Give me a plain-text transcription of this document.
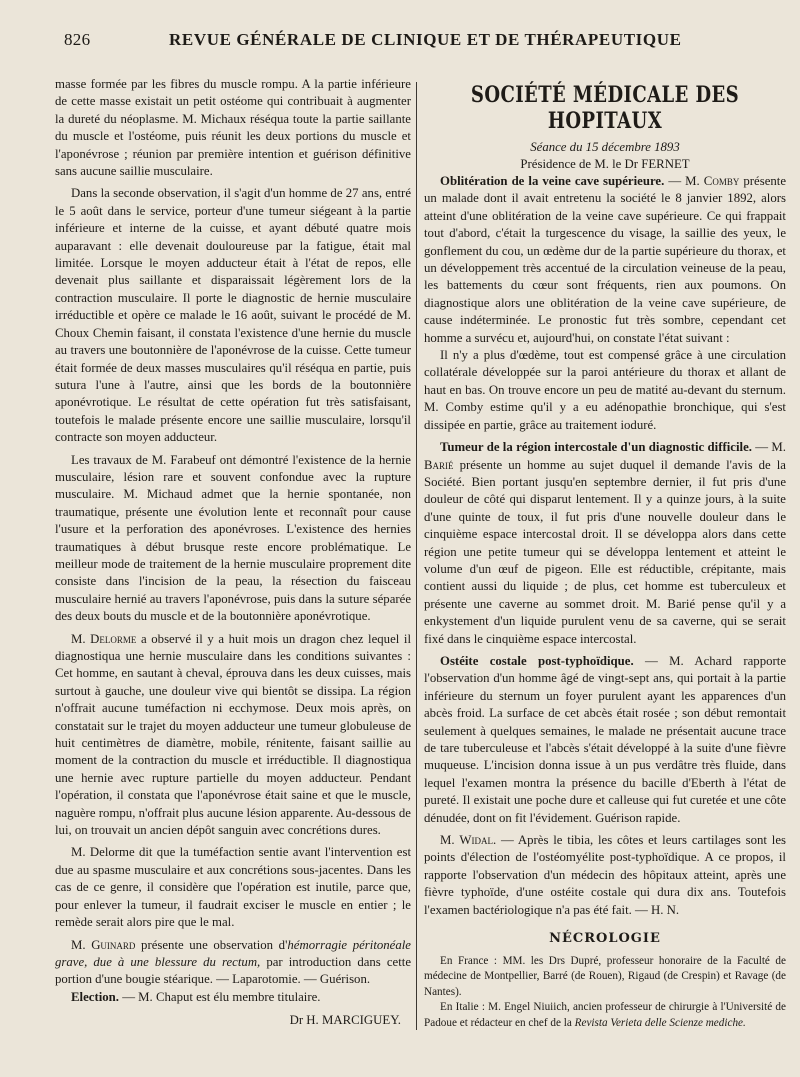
826	REVUE GÉNÉRALE DE CLINIQUE ET DE THÉRAPEUTIQUE

masse formée par les fibres du muscle rompu. A la partie inférieure de cette masse existait un petit ostéome qui contribuait à augmenter la dureté du néoplasme. M. Michaux réséqua toute la partie saillante du muscle et l'ostéome, puis réunit les deux portions du muscle et l'aponévrose ; réunion par première intention et guérison définitive sans aucune saillie musculaire.

Dans la seconde observation, il s'agit d'un homme de 27 ans, entré le 5 août dans le service, porteur d'une tumeur siégeant à la partie inférieure et interne de la cuisse, et ayant débuté quatre mois auparavant : elle devenait douloureuse par la fatigue, était mal limitée. Lorsque le moyen adducteur était à l'état de repos, elle devenait plus saillante et disparaissait légèrement lors de la contraction musculaire. Il porte le diagnostic de hernie musculaire irréductible et opère ce malade le 16 août, suivant le procédé de M. Choux Chemin faisant, il constata l'existence d'une hernie du muscle au travers une boutonnière de l'aponévrose de la cuisse. Cette tumeur était formée de deux masses musculaires qu'il réséqua en partie, puis sutura l'une à l'autre, ainsi que les bords de la boutonnière aponévrotique. Le résultat de cette opération fut très satisfaisant, toutefois le malade présente encore une saillie musculaire, lorsqu'il contracte son moyen adducteur.

Les travaux de M. Farabeuf ont démontré l'existence de la hernie musculaire, lésion rare et souvent confondue avec la rupture musculaire. M. Michaud admet que la hernie spontanée, non traumatique, présente une évolution lente et reconnaît pour cause l'usure et la perforation des aponévroses. L'existence des hernies traumatiques à début brusque reste encore problématique. Le meilleur mode de traitement de la hernie musculaire proprement dite consiste dans l'incision de la peau, la résection du faisceau musculaire hernié au travers l'aponévrose, puis dans la suture séparée des deux bouts du muscle et de la boutonnière aponévrotique.

M. Delorme a observé il y a huit mois un dragon chez lequel il diagnostiqua une hernie musculaire dans les conditions suivantes : Cet homme, en sautant à cheval, éprouva dans les deux cuisses, mais surtout à gauche, une douleur vive qui bientôt se dissipa. La région n'offrait aucune tuméfaction ni ecchymose. Deux mois après, on constatait sur le trajet du moyen adducteur une tumeur globuleuse de huit centimètres de diamètre, mobile, rénitente, faisant saillie au moment de la contraction du muscle et irréductible. Il diagnostiqua une hernie avec rupture partielle du moyen adducteur. Pendant l'opération, il constata que l'aponévrose était saine et que le muscle, naguère rompu, n'offrait plus aucune lésion apparente. Au-dessous de lui, on trouvait un ancien dépôt sanguin avec concrétions dures.

M. Delorme dit que la tuméfaction sentie avant l'intervention est due au spasme musculaire et aux concrétions sous-jacentes. Dans les cas de ce genre, il considère que l'opération est inutile, parce que, pour enlever la tumeur, il faudrait exciser le muscle en entier ; le remède serait alors pire que le mal.

M. Guinard présente une observation d'hémorragie péritonéale grave, due à une blessure du rectum, par introduction dans cette portion d'une bougie stéarique. — Laparotomie. — Guérison.

Election. — M. Chaput est élu membre titulaire.

Dr H. MARCIGUEY.
SOCIÉTÉ MÉDICALE DES HOPITAUX
Séance du 15 décembre 1893
Présidence de M. le Dr FERNET

Oblitération de la veine cave supérieure. — M. Comby présente un malade dont il avait entretenu la société le 8 janvier 1892, alors atteint d'une oblitération de la veine cave supérieure. Ce qui frappait tout d'abord, c'était la turgescence du visage, la saillie des yeux, le gonflement du cou, un œdème dur de la partie supérieure du thorax, et un développement très accentué de la circulation veineuse de la peau, les battements du cœur sont fréquents, rien aux poumons. On diagnostique alors une oblitération de la veine cave supérieure, de cause indéterminée. Le pronostic fut très sombre, cependant cet homme a survécu et, aujourd'hui, on constate l'état suivant :

Il n'y a plus d'œdème, tout est compensé grâce à une circulation collatérale développée sur la paroi antérieure du thorax et allant de haut en bas. On trouve encore un peu de matité au-devant du sternum. M. Comby estime qu'il y a eu adénopathie bronchique, qui s'est dissipée en partie, grâce au traitement ioduré.

Tumeur de la région intercostale d'un diagnostic difficile. — M. Barié présente un homme au sujet duquel il demande l'avis de la Société. Bien portant jusqu'en septembre dernier, il fut pris d'une douleur de côté qui disparut lentement. Il y a quinze jours, à la suite d'une quinte de toux, il fut pris d'une nouvelle douleur dans le cinquième espace intercostal droit. Il se développa alors dans cette région une petite tumeur qui se développa lentement et atteint le volume d'un œuf de pigeon. Elle est réductible, crépitante, mais contient aussi du liquide ; de plus, cet homme est tuberculeux et présente une caverne au sommet droit. M. Barié pense qu'il y a enkystement d'un liquide purulent venu de sa caverne, qui se serait fixé dans le cinquième espace intercostal.

Ostéite costale post-typhoïdique. — M. Achard rapporte l'observation d'un homme âgé de vingt-sept ans, qui portait à la partie inférieure du sternum un foyer purulent ayant les apparences d'un abcès froid. La surface de cet abcès était rosée ; son début remontait seulement à quelques semaines, le malade ne présentait aucune trace de tare tuberculeuse et l'abcès s'était développé à la suite d'une fièvre muqueuse. L'incision donna issue à un pus verdâtre très fluide, dans lequel l'examen montra la présence du bacille d'Eberth à l'état de pureté. Il existait une poche dure et calleuse qui fut curetée et une côte dénudée, dont on fit l'évidement. Guérison rapide.

M. Widal. — Après le tibia, les côtes et leurs cartilages sont les points d'élection de l'ostéomyélite post-typhoïdique. A ce propos, il rapporte l'observation d'un médecin des hôpitaux atteint, après une fièvre typhoïde, d'une ostéite costale qui dura dix ans. Toutefois l'examen bactériologique n'a pas été fait. — H. N.

NÉCROLOGIE

En France : MM. les Drs Dupré, professeur honoraire de la Faculté de médecine de Montpellier, Barré (de Rouen), Rigaud (de Crespin) et Ravage (de Nantes).

En Italie : M. Engel Niuiich, ancien professeur de chirurgie à l'Université de Padoue et rédacteur en chef de la Revista Verieta delle Scienze mediche.
